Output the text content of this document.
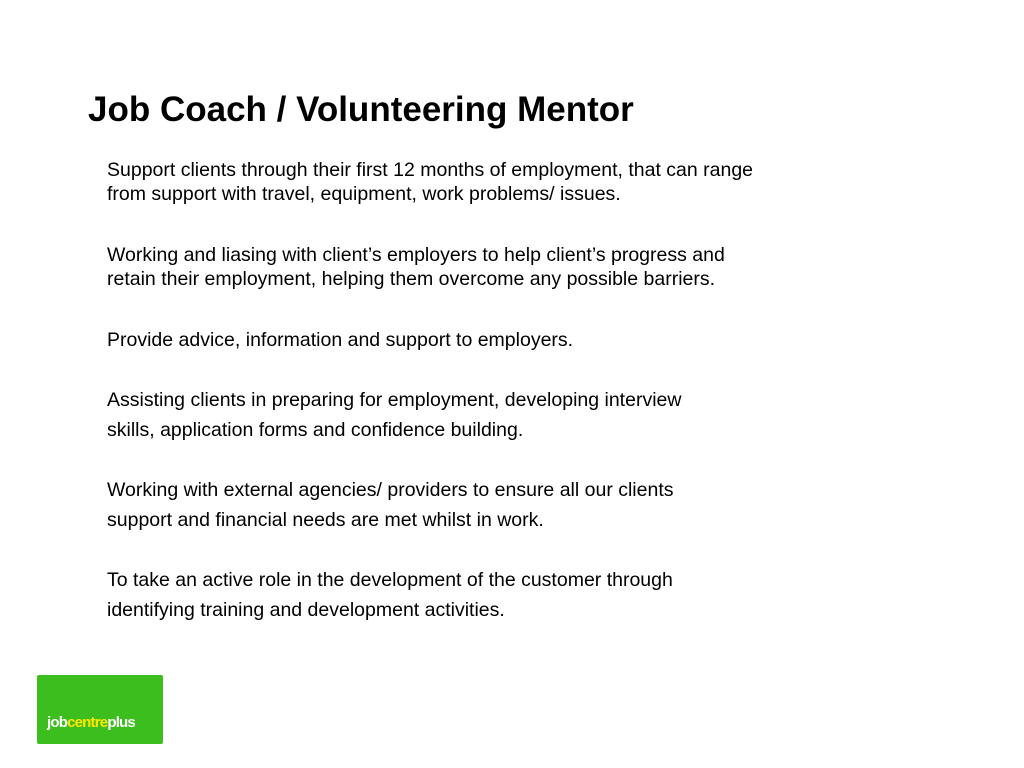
Job Coach / Volunteering Mentor

Support clients through their first 12 months of employment, that can range
from support with travel, equipment, work problems/ issues.

Working and liasing with client’s employers to help client’s progress and
retain their employment, helping them overcome any possible barriers.

Provide advice, information and support to employers.

Assisting clients in preparing for employment, developing interview
skills, application forms and confidence building.

Working with external agencies/ providers to ensure all our clients
support and financial needs are met whilst in work.

To take an active role in the development of the customer through
identifying training and development activities.

jobcentreplus
